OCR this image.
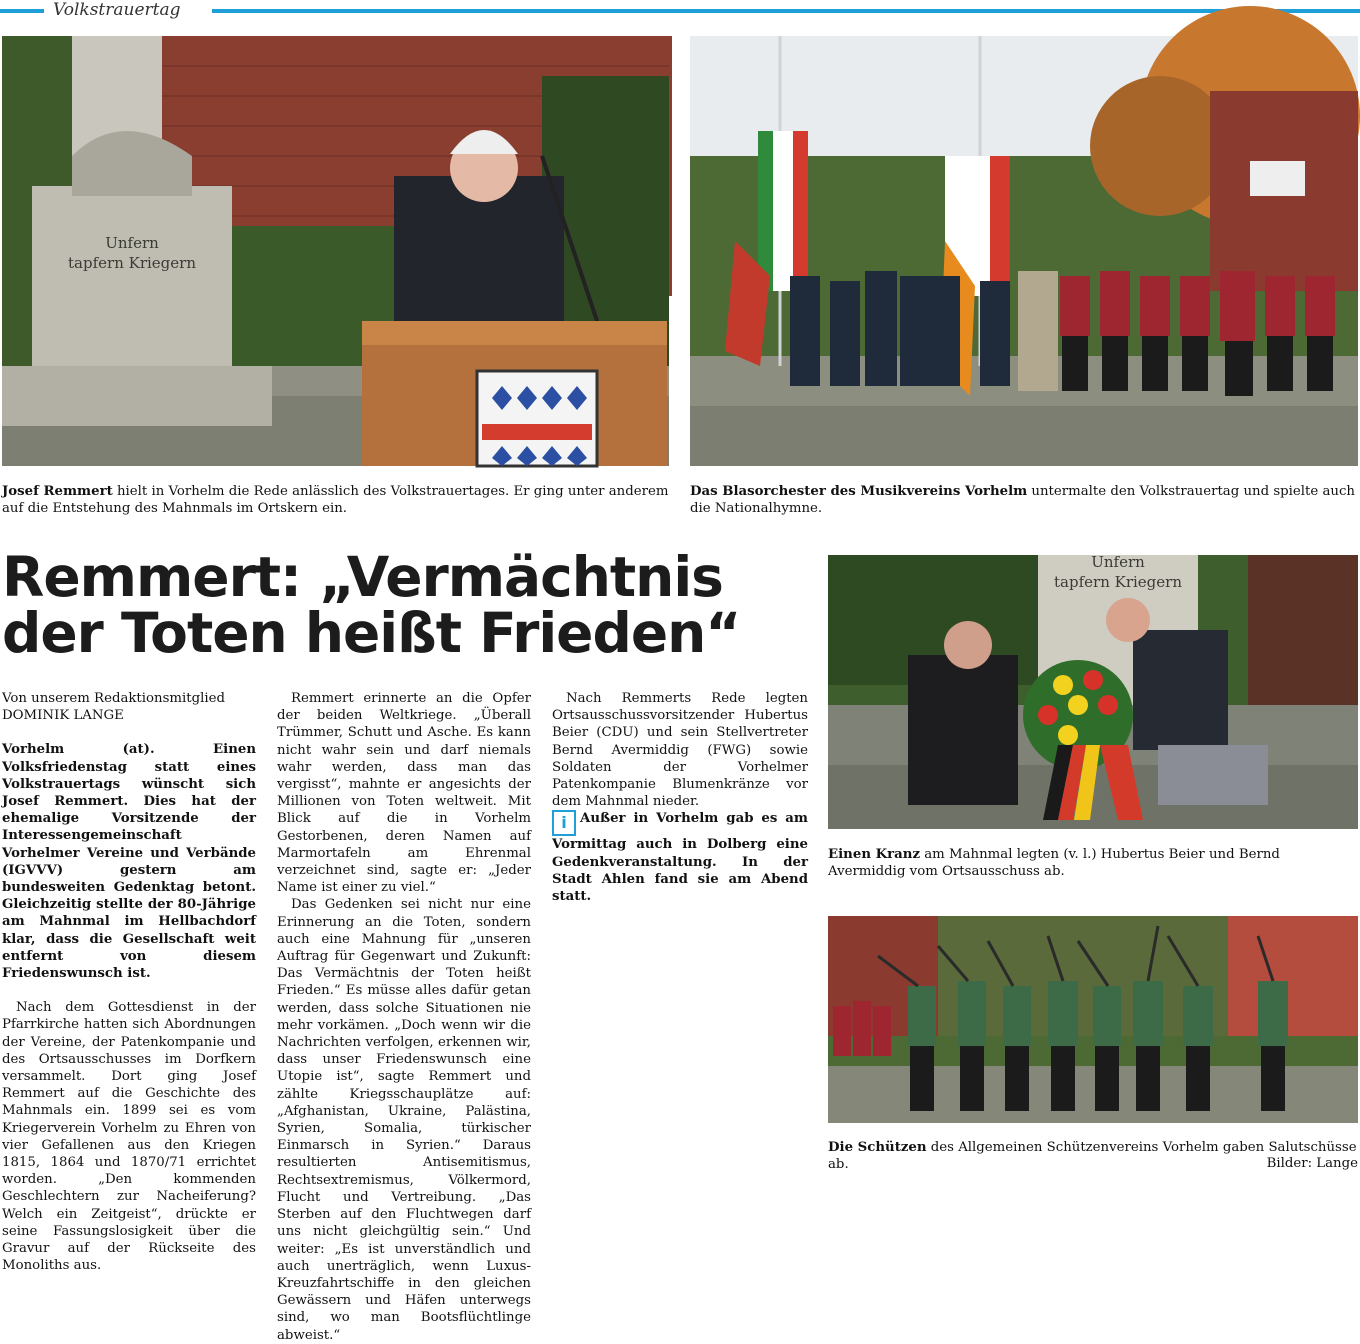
Volkstrauertag
Unfern
tapfern Kriegern
Josef Remmert hielt in Vorhelm die Rede anlässlich des Volkstrauertages. Er ging unter anderem auf die Entstehung des Mahnmals im Ortskern ein.
Das Blasorchester des Musikvereins Vorhelm untermalte den Volkstrauertag und spielte auch die Nationalhymne.
Remmert: „Vermächtnis
der Toten heißt Frieden“

Von unserem Redaktionsmitglied

DOMINIK LANGE

Vorhelm (at). Einen Volksfriedenstag statt eines Volkstrauertags wünscht sich Josef Remmert. Dies hat der ehemalige Vorsitzende der Interessengemeinschaft Vorhelmer Vereine und Verbände (IGVVV) gestern am bundesweiten Gedenktag betont. Gleichzeitig stellte der 80-Jährige am Mahnmal im Hellbachdorf klar, dass die Gesellschaft weit entfernt von diesem Friedenswunsch ist.

Nach dem Gottesdienst in der Pfarrkirche hatten sich Abordnungen der Vereine, der Patenkompanie und des Ortsausschusses im Dorfkern versammelt. Dort ging Josef Remmert auf die Geschichte des Mahnmals ein. 1899 sei es vom Kriegerverein Vorhelm zu Ehren von vier Gefallenen aus den Kriegen 1815, 1864 und 1870/71 errichtet worden. „Den kommenden Geschlechtern zur Nacheiferung? Welch ein Zeitgeist“, drückte er seine Fassungslosigkeit über die Gravur auf der Rückseite des Monoliths aus.

Remmert erinnerte an die Opfer der beiden Weltkriege. „Überall Trümmer, Schutt und Asche. Es kann nicht wahr sein und darf niemals wahr werden, dass man das vergisst“, mahnte er angesichts der Millionen von Toten weltweit. Mit Blick auf die in Vorhelm Gestorbenen, deren Namen auf Marmortafeln am Ehrenmal verzeichnet sind, sagte er: „Jeder Name ist einer zu viel.“

Das Gedenken sei nicht nur eine Erinnerung an die Toten, sondern auch eine Mahnung für „unseren Auftrag für Gegenwart und Zukunft: Das Vermächtnis der Toten heißt Frieden.“ Es müsse alles dafür getan werden, dass solche Situationen nie mehr vorkämen. „Doch wenn wir die Nachrichten verfolgen, erkennen wir, dass unser Friedenswunsch eine Utopie ist“, sagte Remmert und zählte Kriegsschauplätze auf: „Afghanistan, Ukraine, Palästina, Syrien, Somalia, türkischer Einmarsch in Syrien.“ Daraus resultierten Antisemitismus, Rechtsextremismus, Völkermord, Flucht und Vertreibung. „Das Sterben auf den Fluchtwegen darf uns nicht gleichgültig sein.“ Und weiter: „Es ist unverständlich und auch unerträglich, wenn Luxus-Kreuzfahrtschiffe in den gleichen Gewässern und Häfen unterwegs sind, wo man Bootsflüchtlinge abweist.“

Nach Remmerts Rede legten Ortsausschussvorsitzender Hubertus Beier (CDU) und sein Stellvertreter Bernd Avermiddig (FWG) sowie Soldaten der Vorhelmer Patenkompanie Blumenkränze vor dem Mahnmal nieder.

i Außer in Vorhelm gab es am Vormittag auch in Dolberg eine Gedenkveranstaltung. In der Stadt Ahlen fand sie am Abend statt.

Unfern
tapfern Kriegern
Einen Kranz am Mahnmal legten (v. l.) Hubertus Beier und Bernd Avermiddig vom Ortsausschuss ab.
Die Schützen des Allgemeinen Schützenvereins Vorhelm gaben Salutschüsse ab.	Bilder: Lange
